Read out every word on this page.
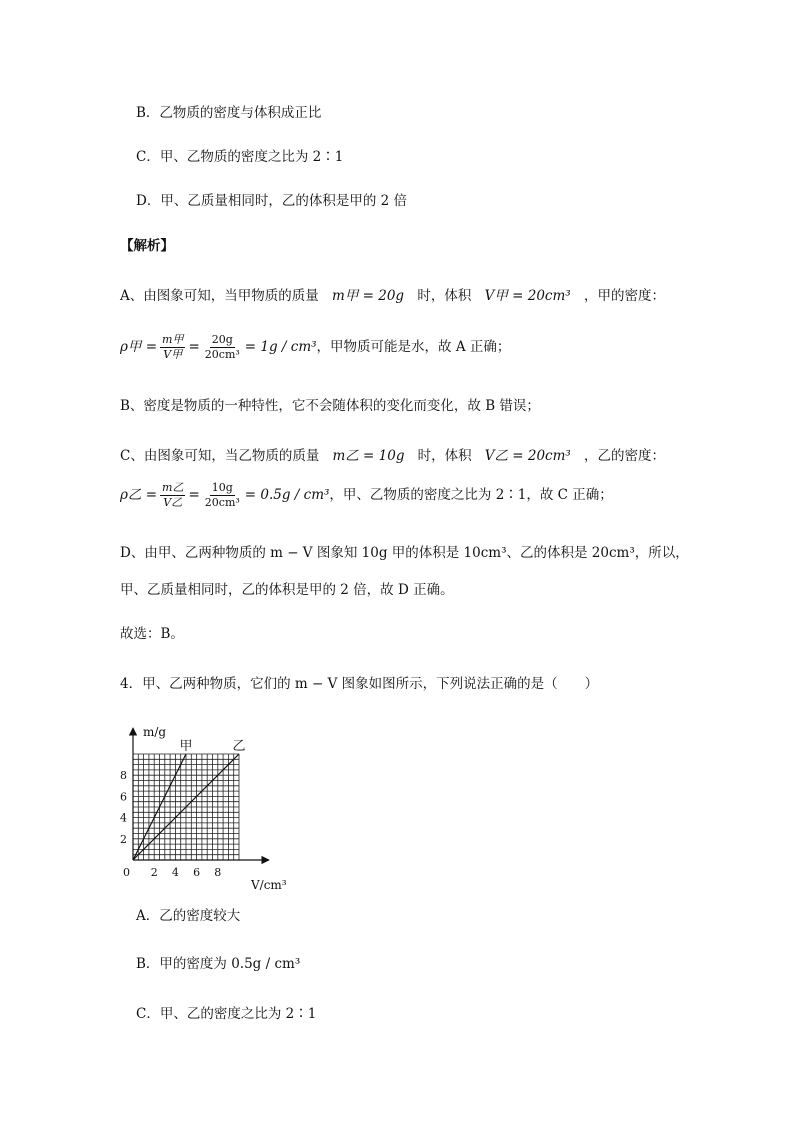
B．乙物质的密度与体积成正比
C．甲、乙物质的密度之比为 2∶1
D．甲、乙质量相同时，乙的体积是甲的 2 倍
【解析】
A、由图象可知，当甲物质的质量 m甲 = 20g 时，体积 V甲 = 20cm³ ，甲的密度：
ρ甲 = $\frac{\text{m甲}}{\text{V甲}} = \frac{20g}{\text{20cm³}} = 1g / cm^3$ ，甲物质可能是水，故 A 正确；
B、密度是物质的一种特性，它不会随体积的变化而变化，故 B 错误；
C、由图象可知，当乙物质的质量 m乙 = 10g 时，体积 V乙 = 20cm³ ，乙的密度：
ρ乙 = $\frac{\text{m乙}}{\text{V乙}} = \frac{10g}{\text{20cm³}} = 0.5g / cm^3$ ，甲、乙物质的密度之比为 2∶1，故 C 正确；
D、由甲、乙两种物质的 m − V 图象知 10g 甲的体积是 10cm³、乙的体积是 20cm³，所以，
甲、乙质量相同时，乙的体积是甲的 2 倍，故 D 正确。
故选：B。
4．甲、乙两种物质，它们的 m − V 图象如图所示，下列说法正确的是（　　）
甲	乙
2 4 6 8
2
4
6
8
0
m/g
V/cm³
A．乙的密度较大
B．甲的密度为 0.5g / cm³
C．甲、乙的密度之比为 2∶1
